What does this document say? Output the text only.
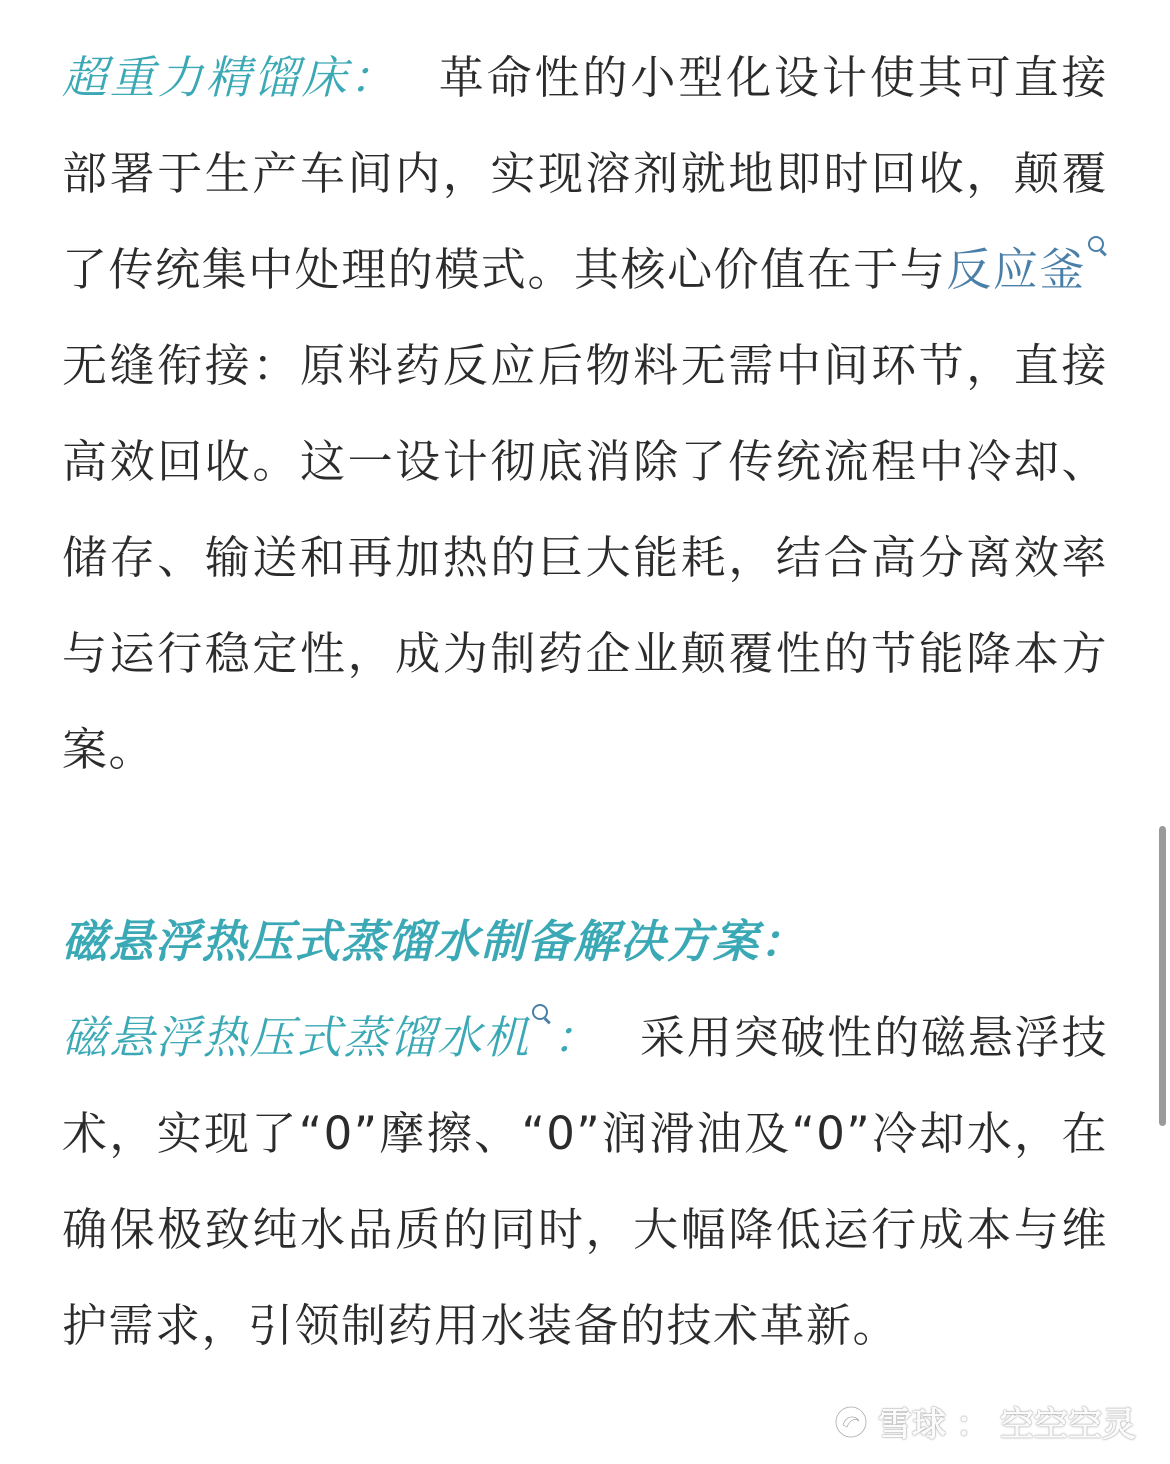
超重力精馏床： 革命性的小型化设计使其可直接部署于生产车间内，实现溶剂就地即时回收，颠覆了传统集中处理的模式。其核心价值在于与反应釜
无缝衔接：原料药反应后物料无需中间环节，直接高效回收。这一设计彻底消除了传统流程中冷却、储存、输送和再加热的巨大能耗，结合高分离效率与运行稳定性，成为制药企业颠覆性的节能降本方案。

磁悬浮热压式蒸馏水制备解决方案：

磁悬浮热压式蒸馏水机 ： 采用突破性的磁悬浮技术，实现了“0”摩擦、“0”润滑油及“0”冷却水，在确保极致纯水品质的同时，大幅降低运行成本与维护需求，引领制药用水装备的技术革新。

雪球 ： 空空空灵
